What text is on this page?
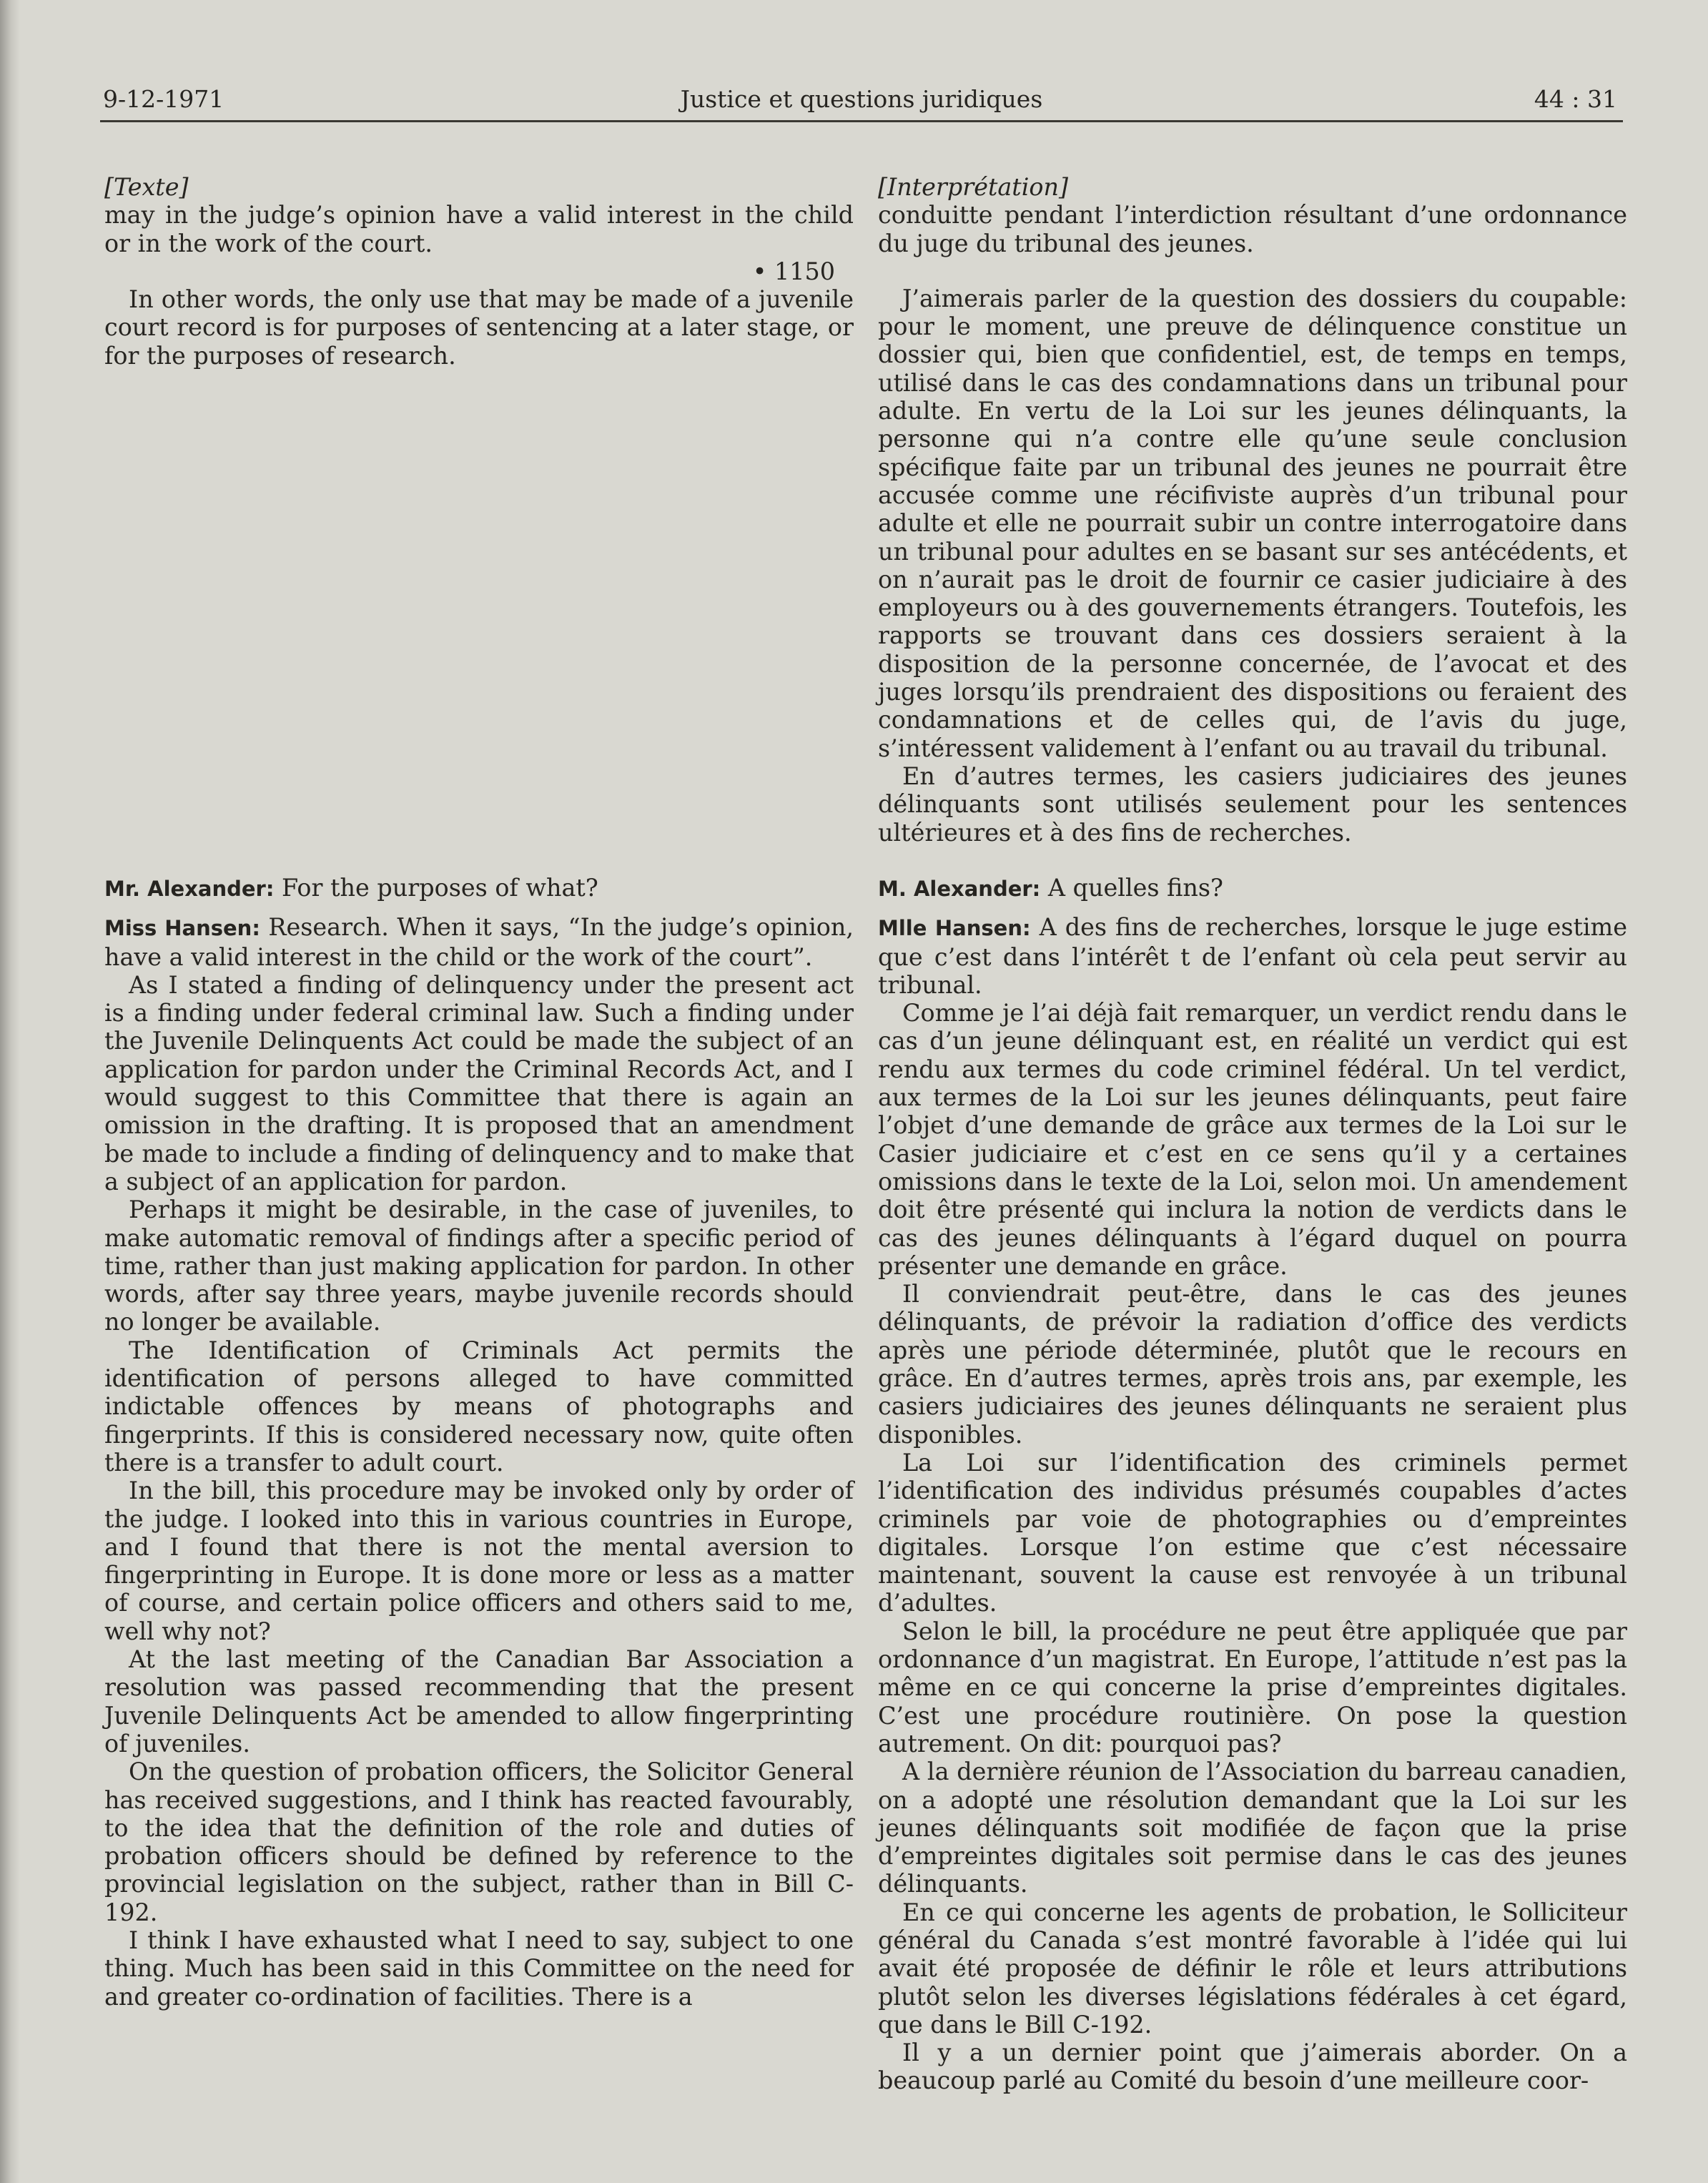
9-12-1971	Justice et questions juridiques	44 : 31

[Texte]

may in the judge’s opinion have a valid interest in the child or in the work of the court.

• 1150

In other words, the only use that may be made of a juvenile court record is for purposes of sentencing at a later stage, or for the purposes of research.

[Interprétation]

conduitte pendant l’interdiction résultant d’une ordonnance du juge du tribunal des jeunes.

J’aimerais parler de la question des dossiers du coupable: pour le moment, une preuve de délinquence constitue un dossier qui, bien que confidentiel, est, de temps en temps, utilisé dans le cas des condamnations dans un tribunal pour adulte. En vertu de la Loi sur les jeunes délinquants, la personne qui n’a contre elle qu’une seule conclusion spécifique faite par un tribunal des jeunes ne pourrait être accusée comme une récifiviste auprès d’un tribunal pour adulte et elle ne pourrait subir un contre interrogatoire dans un tribunal pour adultes en se basant sur ses antécédents, et on n’aurait pas le droit de fournir ce casier judiciaire à des employeurs ou à des gouvernements étrangers. Toutefois, les rapports se trouvant dans ces dossiers seraient à la disposition de la personne concernée, de l’avocat et des juges lorsqu’ils prendraient des dispositions ou feraient des condamnations et de celles qui, de l’avis du juge, s’intéressent validement à l’enfant ou au travail du tribunal.

En d’autres termes, les casiers judiciaires des jeunes délinquants sont utilisés seulement pour les sentences ultérieures et à des fins de recherches.

Mr. Alexander: For the purposes of what?

Miss Hansen: Research. When it says, “In the judge’s opinion, have a valid interest in the child or the work of the court”.

As I stated a finding of delinquency under the present act is a finding under federal criminal law. Such a finding under the Juvenile Delinquents Act could be made the subject of an application for pardon under the Criminal Records Act, and I would suggest to this Committee that there is again an omission in the drafting. It is proposed that an amendment be made to include a finding of delinquency and to make that a subject of an application for pardon.

Perhaps it might be desirable, in the case of juveniles, to make automatic removal of findings after a specific period of time, rather than just making application for pardon. In other words, after say three years, maybe juvenile records should no longer be available.

The Identification of Criminals Act permits the identification of persons alleged to have committed indictable offences by means of photographs and fingerprints. If this is considered necessary now, quite often there is a transfer to adult court.

In the bill, this procedure may be invoked only by order of the judge. I looked into this in various countries in Europe, and I found that there is not the mental aversion to fingerprinting in Europe. It is done more or less as a matter of course, and certain police officers and others said to me, well why not?

At the last meeting of the Canadian Bar Association a resolution was passed recommending that the present Juvenile Delinquents Act be amended to allow fingerprinting of juveniles.

On the question of probation officers, the Solicitor General has received suggestions, and I think has reacted favourably, to the idea that the definition of the role and duties of probation officers should be defined by reference to the provincial legislation on the subject, rather than in Bill C-192.

I think I have exhausted what I need to say, subject to one thing. Much has been said in this Committee on the need for and greater co-ordination of facilities. There is a

M. Alexander: A quelles fins?

Mlle Hansen: A des fins de recherches, lorsque le juge estime que c’est dans l’intérêt t de l’enfant où cela peut servir au tribunal.

Comme je l’ai déjà fait remarquer, un verdict rendu dans le cas d’un jeune délinquant est, en réalité un verdict qui est rendu aux termes du code criminel fédéral. Un tel verdict, aux termes de la Loi sur les jeunes délinquants, peut faire l’objet d’une demande de grâce aux termes de la Loi sur le Casier judiciaire et c’est en ce sens qu’il y a certaines omissions dans le texte de la Loi, selon moi. Un amendement doit être présenté qui inclura la notion de verdicts dans le cas des jeunes délinquants à l’égard duquel on pourra présenter une demande en grâce.

Il conviendrait peut-être, dans le cas des jeunes délinquants, de prévoir la radiation d’office des verdicts après une période déterminée, plutôt que le recours en grâce. En d’autres termes, après trois ans, par exemple, les casiers judiciaires des jeunes délinquants ne seraient plus disponibles.

La Loi sur l’identification des criminels permet l’identification des individus présumés coupables d’actes criminels par voie de photographies ou d’empreintes digitales. Lorsque l’on estime que c’est nécessaire maintenant, souvent la cause est renvoyée à un tribunal d’adultes.

Selon le bill, la procédure ne peut être appliquée que par ordonnance d’un magistrat. En Europe, l’attitude n’est pas la même en ce qui concerne la prise d’empreintes digitales. C’est une procédure routinière. On pose la question autrement. On dit: pourquoi pas?

A la dernière réunion de l’Association du barreau canadien, on a adopté une résolution demandant que la Loi sur les jeunes délinquants soit modifiée de façon que la prise d’empreintes digitales soit permise dans le cas des jeunes délinquants.

En ce qui concerne les agents de probation, le Solliciteur général du Canada s’est montré favorable à l’idée qui lui avait été proposée de définir le rôle et leurs attributions plutôt selon les diverses législations fédérales à cet égard, que dans le Bill C-192.

Il y a un dernier point que j’aimerais aborder. On a beaucoup parlé au Comité du besoin d’une meilleure coor-
